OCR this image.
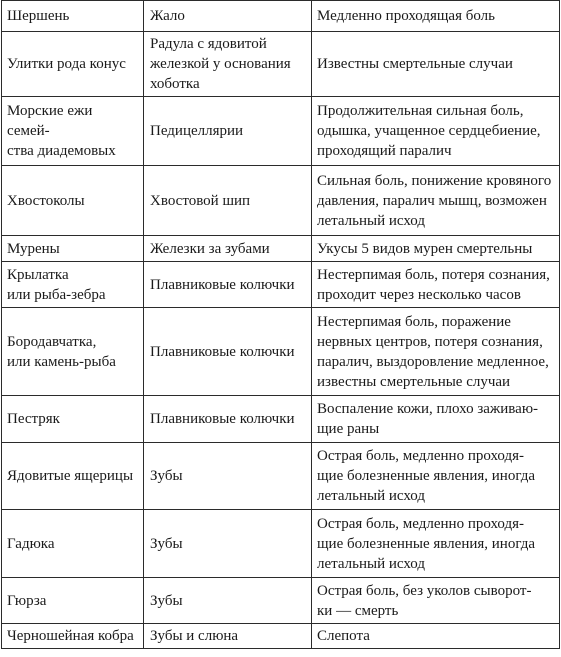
Шершень	Жало	Медленно проходящая боль

Улитки рода конус	Радула с ядовитой
железкой у основания
хоботка	Известны смертельные случаи

Морские ежи семей-
ства диадемовых	Педицеллярии	Продолжительная сильная боль,
одышка, учащенное сердцебиение,
проходящий паралич

Хвостоколы	Хвостовой шип	Сильная боль, понижение кровяного
давления, паралич мышц, возможен
летальный исход

Мурены	Железки за зубами	Укусы 5 видов мурен смертельны

Крылатка
или рыба-зебра	Плавниковые колючки	Нестерпимая боль, потеря сознания,
проходит через несколько часов

Бородавчатка,
или камень-рыба	Плавниковые колючки	Нестерпимая боль, поражение
нервных центров, потеря сознания,
паралич, выздоровление медленное,
известны смертельные случаи

Пестряк	Плавниковые колючки	Воспаление кожи, плохо заживаю-
щие раны

Ядовитые ящерицы	Зубы	Острая боль, медленно проходя-
щие болезненные явления, иногда
летальный исход

Гадюка	Зубы	Острая боль, медленно проходя-
щие болезненные явления, иногда
летальный исход

Гюрза	Зубы	Острая боль, без уколов сыворот-
ки — смерть

Черношейная кобра	Зубы и слюна	Слепота
